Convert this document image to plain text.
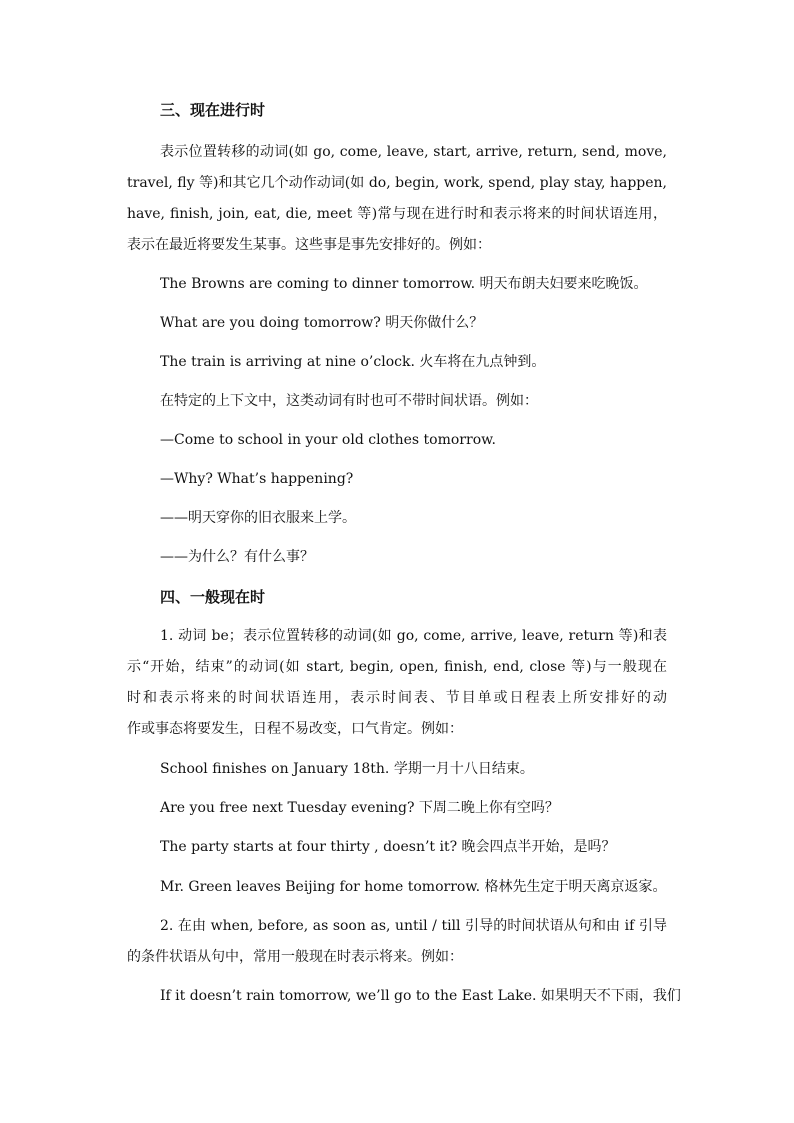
三、现在进行时
表示位置转移的动词(如 go, come, leave, start, arrive, return, send, move,
travel, fly 等)和其它几个动作动词(如 do, begin, work, spend, play stay, happen,
have, finish, join, eat, die, meet 等)常与现在进行时和表示将来的时间状语连用，
表示在最近将要发生某事。这些事是事先安排好的。例如：
The Browns are coming to dinner tomorrow. 明天布朗夫妇要来吃晚饭。
What are you doing tomorrow? 明天你做什么？
The train is arriving at nine o’clock. 火车将在九点钟到。
在特定的上下文中，这类动词有时也可不带时间状语。例如：
—Come to school in your old clothes tomorrow.
—Why? What’s happening?
——明天穿你的旧衣服来上学。
——为什么？有什么事？
四、一般现在时
1. 动词 be；表示位置转移的动词(如 go, come, arrive, leave, return 等)和表
示“开始，结束”的动词(如 start, begin, open, finish, end, close 等)与一般现在
时和表示将来的时间状语连用，表示时间表、节目单或日程表上所安排好的动
作或事态将要发生，日程不易改变，口气肯定。例如：
School finishes on January 18th. 学期一月十八日结束。
Are you free next Tuesday evening? 下周二晚上你有空吗？
The party starts at four thirty , doesn’t it? 晚会四点半开始，是吗？
Mr. Green leaves Beijing for home tomorrow. 格林先生定于明天离京返家。
2. 在由 when, before, as soon as, until / till 引导的时间状语从句和由 if 引导
的条件状语从句中，常用一般现在时表示将来。例如：
If it doesn’t rain tomorrow, we’ll go to the East Lake. 如果明天不下雨，我们
